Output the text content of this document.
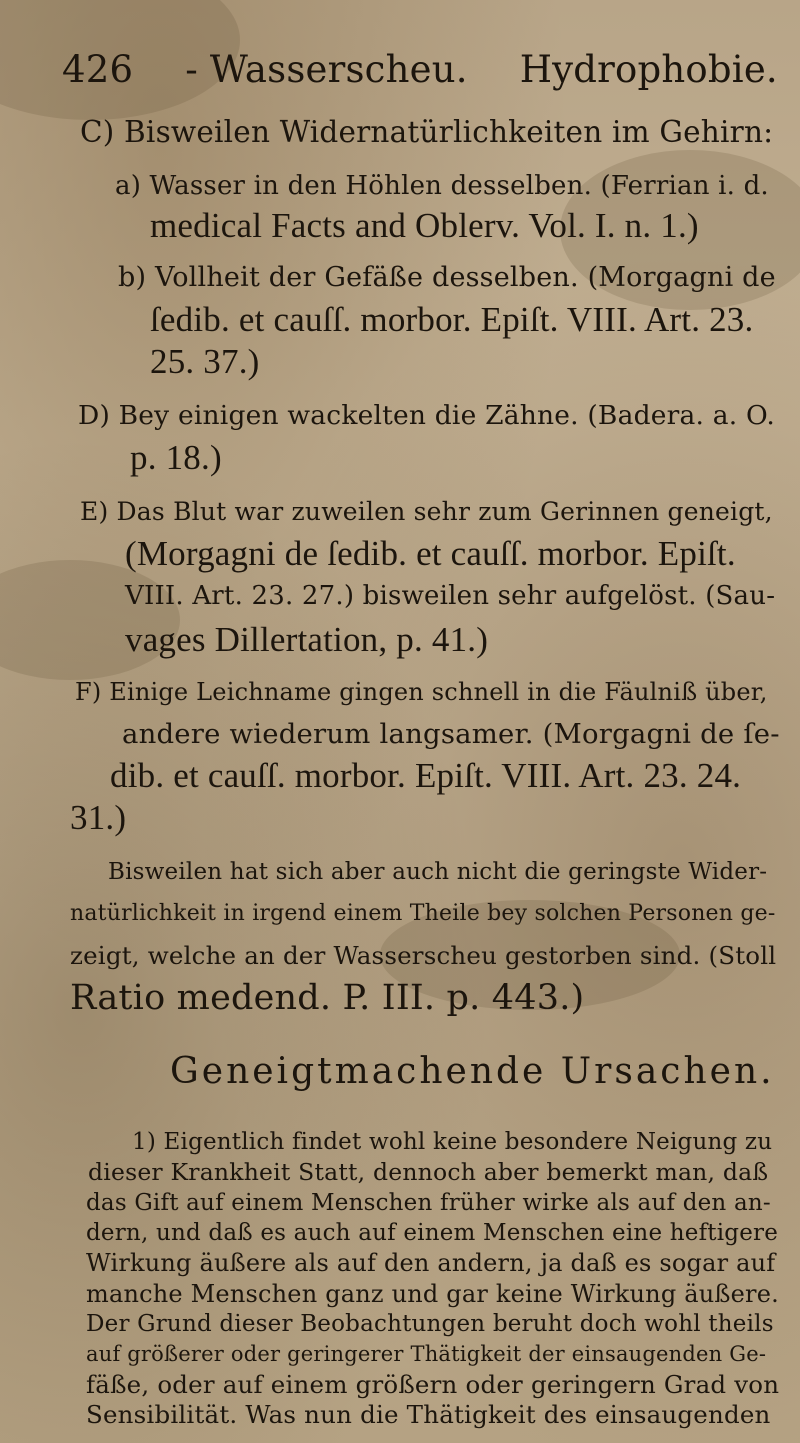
426 - Wasserscheu. Hydrophobie.
C) Bisweilen Widernatürlichkeiten im Gehirn:
a) Wasser in den Höhlen desselben. (Ferrian i. d.
medical Facts and Oblerv. Vol. I. n. 1.)
b) Vollheit der Gefäße desselben. (Morgagni de
ſedib. et cauſſ. morbor. Epiſt. VIII. Art. 23.
25. 37.)
D) Bey einigen wackelten die Zähne. (Badera. a. O.
p. 18.)
E) Das Blut war zuweilen sehr zum Gerinnen geneigt,
(Morgagni de ſedib. et cauſſ. morbor. Epiſt.
VIII. Art. 23. 27.) bisweilen sehr aufgelöst. (Sau-
vages Dillertation, p. 41.)
F) Einige Leichname gingen schnell in die Fäulniß über,
andere wiederum langsamer. (Morgagni de ſe-
dib. et cauſſ. morbor. Epiſt. VIII. Art. 23. 24.
31.)
Bisweilen hat sich aber auch nicht die geringste Wider-
natürlichkeit in irgend einem Theile bey solchen Personen ge-
zeigt, welche an der Wasserscheu gestorben sind. (Stoll
Ratio medend. P. III. p. 443.)
Geneigtmachende Ursachen.
1) Eigentlich findet wohl keine besondere Neigung zu
dieser Krankheit Statt, dennoch aber bemerkt man, daß
das Gift auf einem Menschen früher wirke als auf den an-
dern, und daß es auch auf einem Menschen eine heftigere
Wirkung äußere als auf den andern, ja daß es sogar auf
manche Menschen ganz und gar keine Wirkung äußere.
Der Grund dieser Beobachtungen beruht doch wohl theils
auf größerer oder geringerer Thätigkeit der einsaugenden Ge-
fäße, oder auf einem größern oder geringern Grad von
Sensibilität. Was nun die Thätigkeit des einsaugenden
